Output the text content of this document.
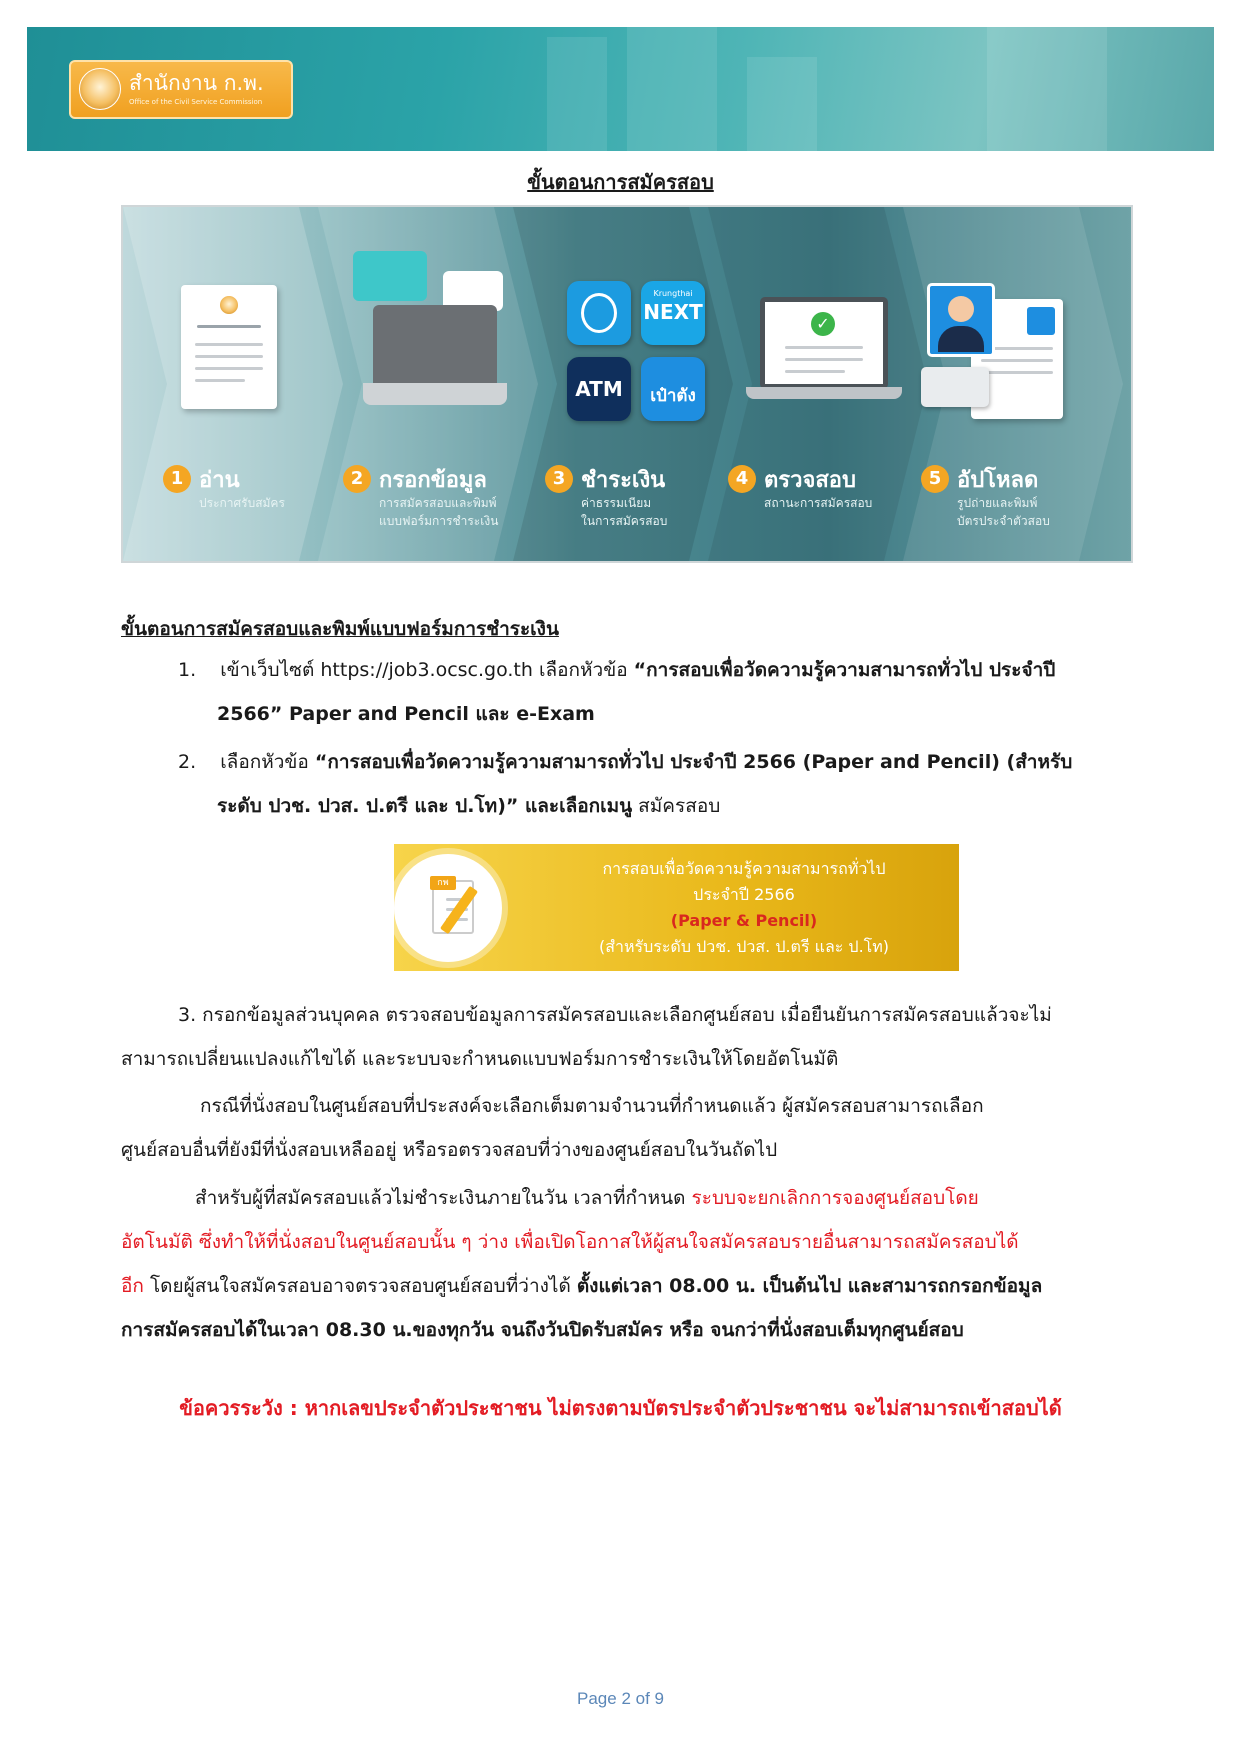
สำนักงาน ก.พ.
Office of the Civil Service Commission
ขั้นตอนการสมัครสอบ
1 อ่าน
ประกาศรับสมัคร
2 กรอกข้อมูล
การสมัครสอบและพิมพ์
แบบฟอร์มการชำระเงิน
Krungthai
NEXT
ATM	เป๋าตัง
3 ชำระเงิน
ค่าธรรมเนียม
ในการสมัครสอบ
✓
4 ตรวจสอบ
สถานะการสมัครสอบ
5 อัปโหลด
รูปถ่ายและพิมพ์
บัตรประจำตัวสอบ
ขั้นตอนการสมัครสอบและพิมพ์แบบฟอร์มการชำระเงิน
1. เข้าเว็บไซต์ https://job3.ocsc.go.th เลือกหัวข้อ “การสอบเพื่อวัดความรู้ความสามารถทั่วไป ประจำปี
2566” Paper and Pencil และ e-Exam
2. เลือกหัวข้อ “การสอบเพื่อวัดความรู้ความสามารถทั่วไป ประจำปี 2566 (Paper and Pencil) (สำหรับ
ระดับ ปวช. ปวส. ป.ตรี และ ป.โท)” และเลือกเมนู สมัครสอบ
กพ
การสอบเพื่อวัดความรู้ความสามารถทั่วไป
ประจำปี 2566
(Paper & Pencil)
(สำหรับระดับ ปวช. ปวส. ป.ตรี และ ป.โท)
3. กรอกข้อมูลส่วนบุคคล ตรวจสอบข้อมูลการสมัครสอบและเลือกศูนย์สอบ เมื่อยืนยันการสมัครสอบแล้วจะไม่
สามารถเปลี่ยนแปลงแก้ไขได้ และระบบจะกำหนดแบบฟอร์มการชำระเงินให้โดยอัตโนมัติ
กรณีที่นั่งสอบในศูนย์สอบที่ประสงค์จะเลือกเต็มตามจำนวนที่กำหนดแล้ว ผู้สมัครสอบสามารถเลือก
ศูนย์สอบอื่นที่ยังมีที่นั่งสอบเหลืออยู่ หรือรอตรวจสอบที่ว่างของศูนย์สอบในวันถัดไป
สำหรับผู้ที่สมัครสอบแล้วไม่ชำระเงินภายในวัน เวลาที่กำหนด ระบบจะยกเลิกการจองศูนย์สอบโดย
อัตโนมัติ ซึ่งทำให้ที่นั่งสอบในศูนย์สอบนั้น ๆ ว่าง เพื่อเปิดโอกาสให้ผู้สนใจสมัครสอบรายอื่นสามารถสมัครสอบได้
อีก โดยผู้สนใจสมัครสอบอาจตรวจสอบศูนย์สอบที่ว่างได้ ตั้งแต่เวลา 08.00 น. เป็นต้นไป และสามารถกรอกข้อมูล
การสมัครสอบได้ในเวลา 08.30 น.ของทุกวัน จนถึงวันปิดรับสมัคร หรือ จนกว่าที่นั่งสอบเต็มทุกศูนย์สอบ
ข้อควรระวัง : หากเลขประจำตัวประชาชน ไม่ตรงตามบัตรประจำตัวประชาชน จะไม่สามารถเข้าสอบได้
Page 2 of 9
